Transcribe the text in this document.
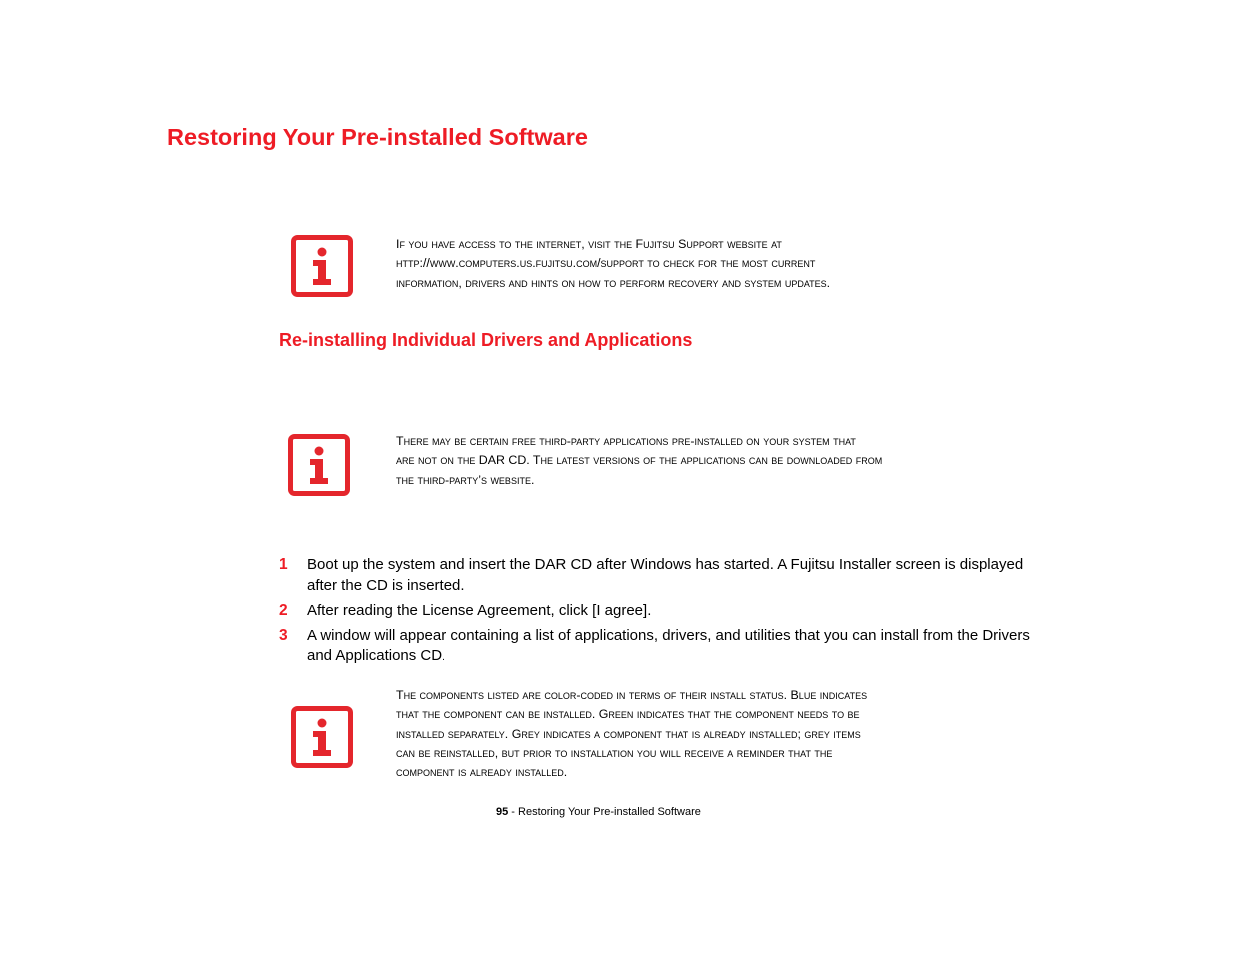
Restoring Your Pre-installed Software
If you have access to the internet, visit the Fujitsu Support website at
http://www.computers.us.fujitsu.com/support to check for the most current
information, drivers and hints on how to perform recovery and system updates.
Re-installing Individual Drivers and Applications
There may be certain free third-party applications pre-installed on your system that
are not on the DAR CD. The latest versions of the applications can be downloaded from
the third-party’s website.
1	Boot up the system and insert the DAR CD after Windows has started. A Fujitsu Installer screen is displayed
after the CD is inserted.
2	After reading the License Agreement, click [I agree].
3	A window will appear containing a list of applications, drivers, and utilities that you can install from the Drivers
and Applications CD.
The components listed are color-coded in terms of their install status. Blue indicates
that the component can be installed. Green indicates that the component needs to be
installed separately. Grey indicates a component that is already installed; grey items
can be reinstalled, but prior to installation you will receive a reminder that the
component is already installed.
95 - Restoring Your Pre-installed Software
